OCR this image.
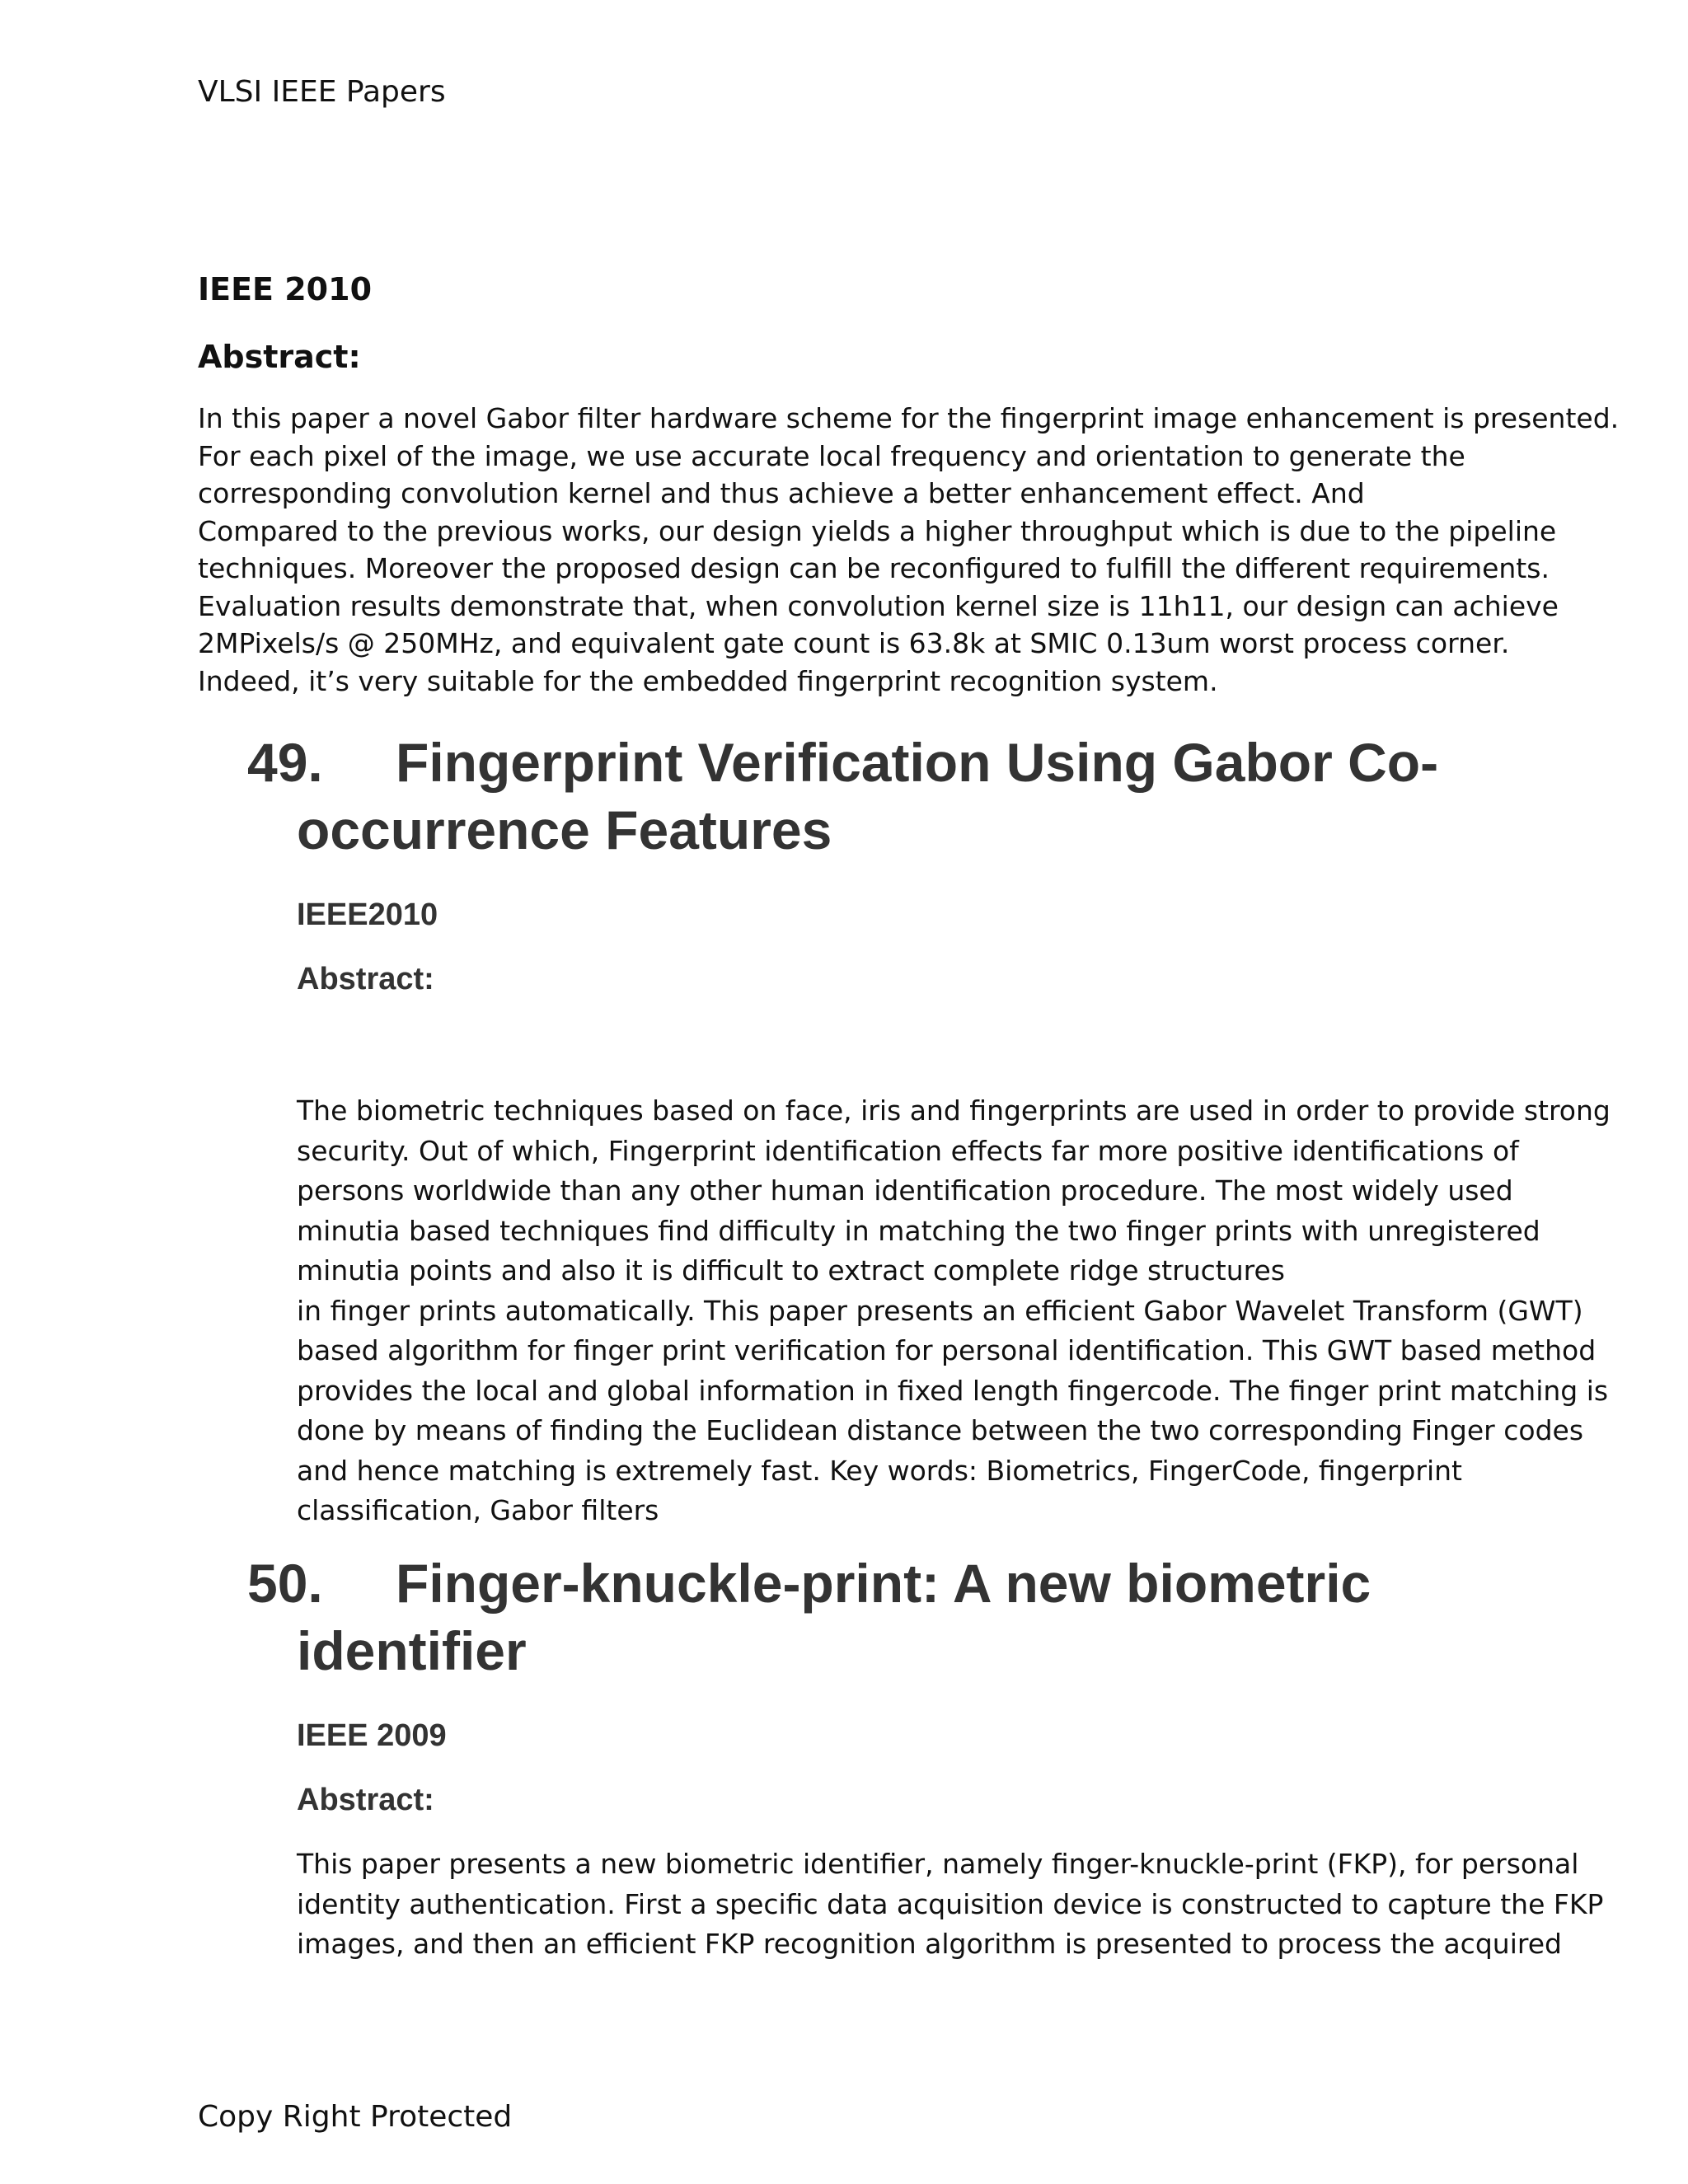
VLSI IEEE Papers

IEEE 2010

Abstract:

In this paper a novel Gabor filter hardware scheme for the fingerprint image enhancement is presented.
For each pixel of the image, we use accurate local frequency and orientation to generate the
corresponding convolution kernel and thus achieve a better enhancement effect. And
Compared to the previous works, our design yields a higher throughput which is due to the pipeline
techniques. Moreover the proposed design can be reconfigured to fulfill the different requirements.
Evaluation results demonstrate that, when convolution kernel size is 11h11, our design can achieve
2MPixels/s @ 250MHz, and equivalent gate count is 63.8k at SMIC 0.13um worst process corner.
Indeed, it’s very suitable for the embedded fingerprint recognition system.

49. Fingerprint Verification Using Gabor Co-
occurrence Features

IEEE2010

Abstract:

The biometric techniques based on face, iris and fingerprints are used in order to provide strong
security. Out of which, Fingerprint identification effects far more positive identifications of
persons worldwide than any other human identification procedure. The most widely used
minutia based techniques find difficulty in matching the two finger prints with unregistered
minutia points and also it is difficult to extract complete ridge structures
in finger prints automatically. This paper presents an efficient Gabor Wavelet Transform (GWT)
based algorithm for finger print verification for personal identification. This GWT based method
provides the local and global information in fixed length fingercode. The finger print matching is
done by means of finding the Euclidean distance between the two corresponding Finger codes
and hence matching is extremely fast. Key words: Biometrics, FingerCode, fingerprint
classification, Gabor filters

50. Finger-knuckle-print: A new biometric
identifier

IEEE 2009

Abstract:

This paper presents a new biometric identifier, namely finger-knuckle-print (FKP), for personal
identity authentication. First a specific data acquisition device is constructed to capture the FKP
images, and then an efficient FKP recognition algorithm is presented to process the acquired

Copy Right Protected
